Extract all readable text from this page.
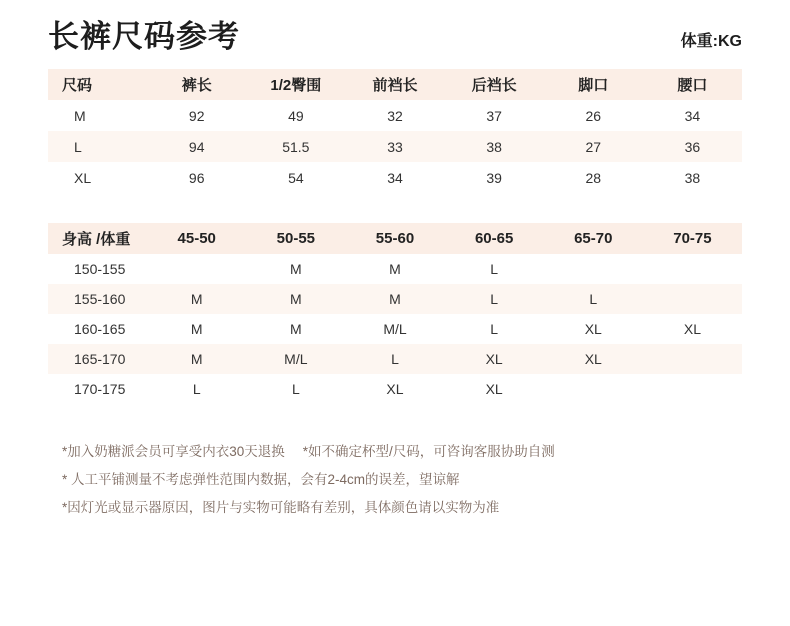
长裤尺码参考	体重:KG
尺码	裤长	1/2臀围	前裆长	后裆长	脚口	腰口
M	92	49	32	37	26	34
L	94	51.5	33	38	27	36
XL	96	54	34	39	28	38
身高 /体重	45-50	50-55	55-60	60-65	65-70	70-75
150-155		M	M	L		
155-160	M	M	M	L	L	
160-165	M	M	M/L	L	XL	XL
165-170	M	M/L	L	XL	XL	
170-175	L	L	XL	XL		
*加入奶糖派会员可享受内衣30天退换 *如不确定杯型/尺码，可咨询客服协助自测
* 人工平铺测量不考虑弹性范围内数据，会有2-4cm的误差，望谅解
*因灯光或显示器原因，图片与实物可能略有差别，具体颜色请以实物为准
